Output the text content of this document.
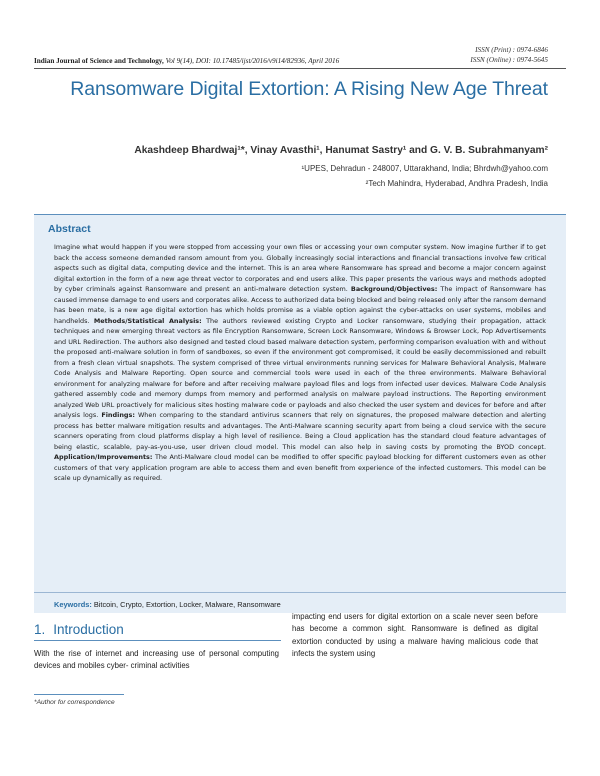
ISSN (Print) : 0974-6846
ISSN (Online) : 0974-5645
Indian Journal of Science and Technology, Vol 9(14), DOI: 10.17485/ijst/2016/v9i14/82936, April 2016
Ransomware Digital Extortion: A Rising New Age Threat
Akashdeep Bhardwaj¹*, Vinay Avasthi¹, Hanumat Sastry¹ and G. V. B. Subrahmanyam²
¹UPES, Dehradun - 248007, Uttarakhand, India; Bhrdwh@yahoo.com
²Tech Mahindra, Hyderabad, Andhra Pradesh, India
Abstract
Imagine what would happen if you were stopped from accessing your own files or accessing your own computer system. Now imagine further if to get back the access someone demanded ransom amount from you. Globally increasingly social interactions and financial transactions involve few critical aspects such as digital data, computing device and the internet. This is an area where Ransomware has spread and become a major concern against digital extortion in the form of a new age threat vector to corporates and end users alike. This paper presents the various ways and methods adopted by cyber criminals against Ransomware and present an anti-malware detection system. Background/Objectives: The impact of Ransomware has caused immense damage to end users and corporates alike. Access to authorized data being blocked and being released only after the ransom demand has been mate, is a new age digital extortion has which holds promise as a viable option against the cyber-attacks on user systems, mobiles and handhelds. Methods/Statistical Analysis: The authors reviewed existing Crypto and Locker ransomware, studying their propagation, attack techniques and new emerging threat vectors as file Encryption Ransomware, Screen Lock Ransomware, Windows & Browser Lock, Pop Advertisements and URL Redirection. The authors also designed and tested cloud based malware detection system, performing comparison evaluation with and without the proposed anti-malware solution in form of sandboxes, so even if the environment got compromised, it could be easily decommissioned and rebuilt from a fresh clean virtual snapshots. The system comprised of three virtual environments running services for Malware Behavioral Analysis, Malware Code Analysis and Malware Reporting. Open source and commercial tools were used in each of the three environments. Malware Behavioral environment for analyzing malware for before and after receiving malware payload files and logs from infected user devices. Malware Code Analysis gathered assembly code and memory dumps from memory and performed analysis on malware payload instructions. The Reporting environment analyzed Web URL proactively for malicious sites hosting malware code or payloads and also checked the user system and devices for before and after analysis logs. Findings: When comparing to the standard antivirus scanners that rely on signatures, the proposed malware detection and alerting process has better malware mitigation results and advantages. The Anti-Malware scanning security apart from being a cloud service with the secure scanners operating from cloud platforms display a high level of resilience. Being a Cloud application has the standard cloud feature advantages of being elastic, scalable, pay-as-you-use, user driven cloud model. This model can also help in saving costs by promoting the BYOD concept. Application/Improvements: The Anti-Malware cloud model can be modified to offer specific payload blocking for different customers even as other customers of that very application program are able to access them and even benefit from experience of the infected customers. This model can be scale up dynamically as required.
Keywords: Bitcoin, Crypto, Extortion, Locker, Malware, Ransomware
1. Introduction

With the rise of internet and increasing use of personal computing devices and mobiles cyber- criminal activities

impacting end users for digital extortion on a scale never seen before has become a common sight. Ransomware is defined as digital extortion conducted by using a malware having malicious code that infects the system using

*Author for correspondence
